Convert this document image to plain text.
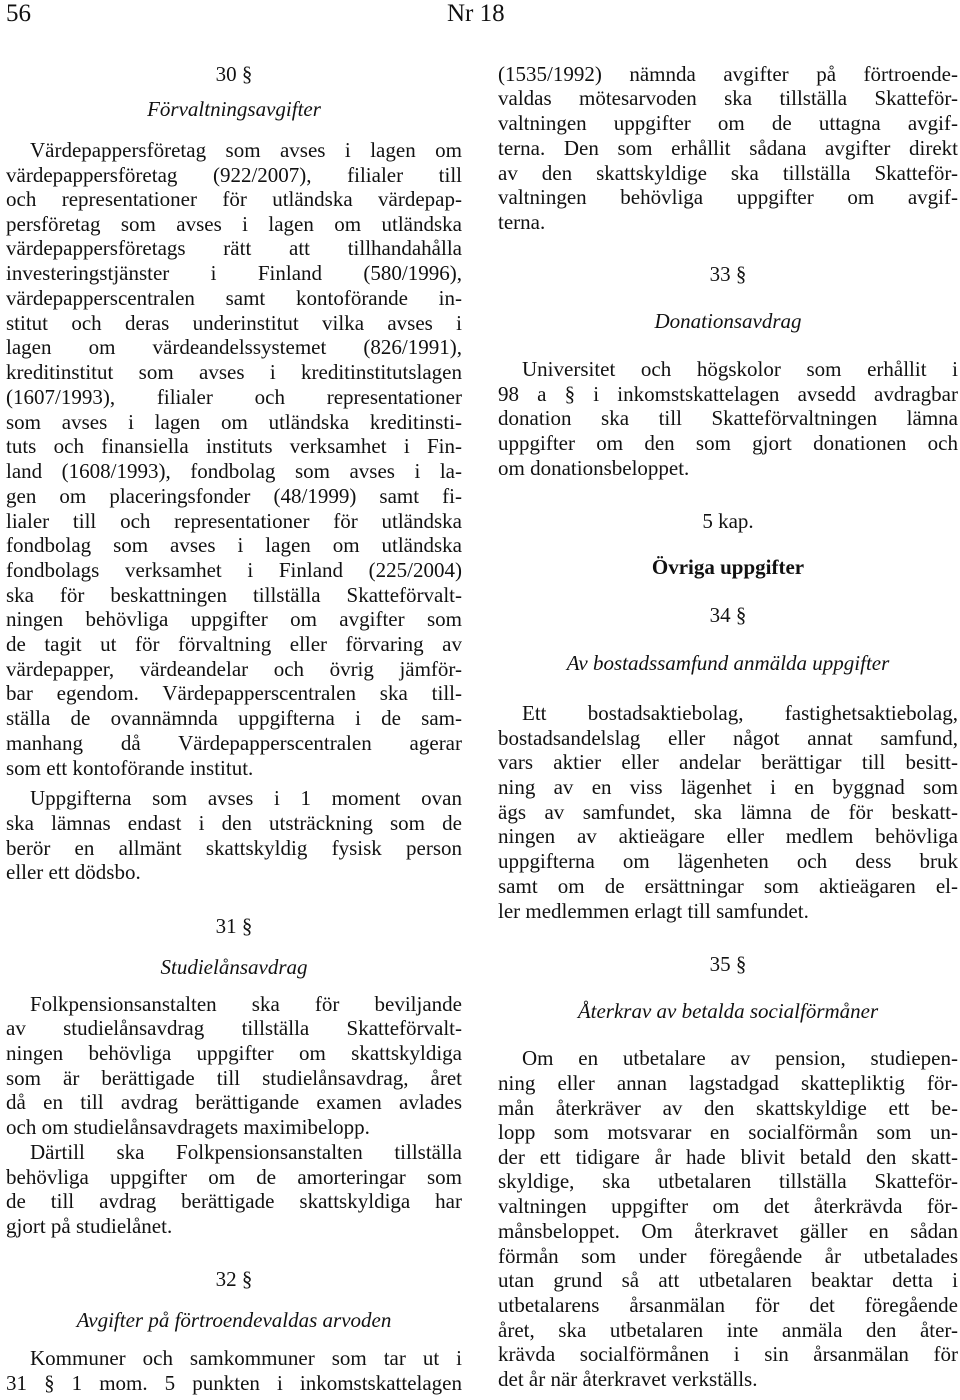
56	Nr 18
30 §
Förvaltningsavgifter
Värdepappersföretag som avses i lagen om
värdepappersföretag (922/2007), filialer till
och representationer för utländska värdepap-
persföretag som avses i lagen om utländska
värdepappersföretags rätt att tillhandahålla
investeringstjänster i Finland (580/1996),
värdepapperscentralen samt kontoförande in-
stitut och deras underinstitut vilka avses i
lagen om värdeandelssystemet (826/1991),
kreditinstitut som avses i kreditinstitutslagen
(1607/1993), filialer och representationer
som avses i lagen om utländska kreditinsti-
tuts och finansiella instituts verksamhet i Fin-
land (1608/1993), fondbolag som avses i la-
gen om placeringsfonder (48/1999) samt fi-
lialer till och representationer för utländska
fondbolag som avses i lagen om utländska
fondbolags verksamhet i Finland (225/2004)
ska för beskattningen tillställa Skatteförvalt-
ningen behövliga uppgifter om avgifter som
de tagit ut för förvaltning eller förvaring av
värdepapper, värdeandelar och övrig jämför-
bar egendom. Värdepapperscentralen ska till-
ställa de ovannämnda uppgifterna i de sam-
manhang då Värdepapperscentralen agerar
som ett kontoförande institut.
Uppgifterna som avses i 1 moment ovan
ska lämnas endast i den utsträckning som de
berör en allmänt skattskyldig fysisk person
eller ett dödsbo.
31 §
Studielånsavdrag
Folkpensionsanstalten ska för beviljande
av studielånsavdrag tillställa Skatteförvalt-
ningen behövliga uppgifter om skattskyldiga
som är berättigade till studielånsavdrag, året
då en till avdrag berättigande examen avlades
och om studielånsavdragets maximibelopp.
Därtill ska Folkpensionsanstalten tillställa
behövliga uppgifter om de amorteringar som
de till avdrag berättigade skattskyldiga har
gjort på studielånet.
32 §
Avgifter på förtroendevaldas arvoden
Kommuner och samkommuner som tar ut i
31 § 1 mom. 5 punkten i inkomstskattelagen
(1535/1992) nämnda avgifter på förtroende-
valdas mötesarvoden ska tillställa Skatteför-
valtningen uppgifter om de uttagna avgif-
terna. Den som erhållit sådana avgifter direkt
av den skattskyldige ska tillställa Skatteför-
valtningen behövliga uppgifter om avgif-
terna.
33 §
Donationsavdrag
Universitet och högskolor som erhållit i
98 a § i inkomstskattelagen avsedd avdragbar
donation ska till Skatteförvaltningen lämna
uppgifter om den som gjort donationen och
om donationsbeloppet.
5 kap.
Övriga uppgifter
34 §
Av bostadssamfund anmälda uppgifter
Ett bostadsaktiebolag, fastighetsaktiebolag,
bostadsandelslag eller något annat samfund,
vars aktier eller andelar berättigar till besitt-
ning av en viss lägenhet i en byggnad som
ägs av samfundet, ska lämna de för beskatt-
ningen av aktieägare eller medlem behövliga
uppgifterna om lägenheten och dess bruk
samt om de ersättningar som aktieägaren el-
ler medlemmen erlagt till samfundet.
35 §
Återkrav av betalda socialförmåner
Om en utbetalare av pension, studiepen-
ning eller annan lagstadgad skattepliktig för-
mån återkräver av den skattskyldige ett be-
lopp som motsvarar en socialförmån som un-
der ett tidigare år hade blivit betald den skatt-
skyldige, ska utbetalaren tillställa Skatteför-
valtningen uppgifter om det återkrävda för-
månsbeloppet. Om återkravet gäller en sådan
förmån som under föregående år utbetalades
utan grund så att utbetalaren beaktar detta i
utbetalarens årsanmälan för det föregående
året, ska utbetalaren inte anmäla den åter-
krävda socialförmånen i sin årsanmälan för
det år när återkravet verkställs.
